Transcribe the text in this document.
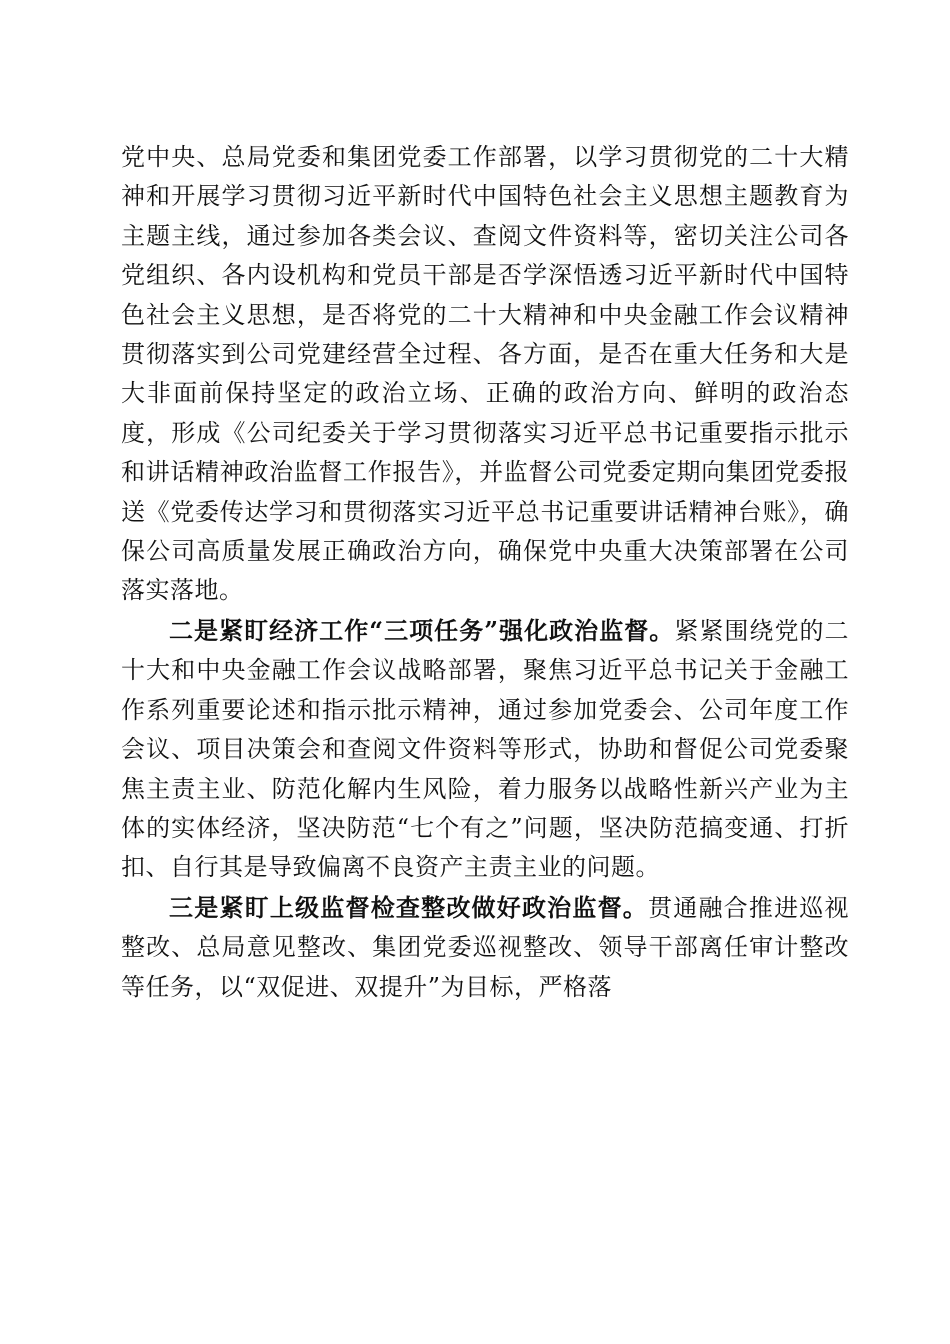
党中央、总局党委和集团党委工作部署，以学习贯彻党的二十大精神和开展学习贯彻习近平新时代中国特色社会主义思想主题教育为主题主线，通过参加各类会议、查阅文件资料等，密切关注公司各党组织、各内设机构和党员干部是否学深悟透习近平新时代中国特色社会主义思想，是否将党的二十大精神和中央金融工作会议精神贯彻落实到公司党建经营全过程、各方面，是否在重大任务和大是大非面前保持坚定的政治立场、正确的政治方向、鲜明的政治态度，形成《公司纪委关于学习贯彻落实习近平总书记重要指示批示和讲话精神政治监督工作报告》，并监督公司党委定期向集团党委报送《党委传达学习和贯彻落实习近平总书记重要讲话精神台账》，确保公司高质量发展正确政治方向，确保党中央重大决策部署在公司落实落地。

二是紧盯经济工作“三项任务”强化政治监督。紧紧围绕党的二十大和中央金融工作会议战略部署，聚焦习近平总书记关于金融工作系列重要论述和指示批示精神，通过参加党委会、公司年度工作会议、项目决策会和查阅文件资料等形式，协助和督促公司党委聚焦主责主业、防范化解内生风险，着力服务以战略性新兴产业为主体的实体经济，坚决防范“七个有之”问题，坚决防范搞变通、打折扣、自行其是导致偏离不良资产主责主业的问题。

三是紧盯上级监督检查整改做好政治监督。贯通融合推进巡视整改、总局意见整改、集团党委巡视整改、领导干部离任审计整改等任务，以“双促进、双提升”为目标，严格落
